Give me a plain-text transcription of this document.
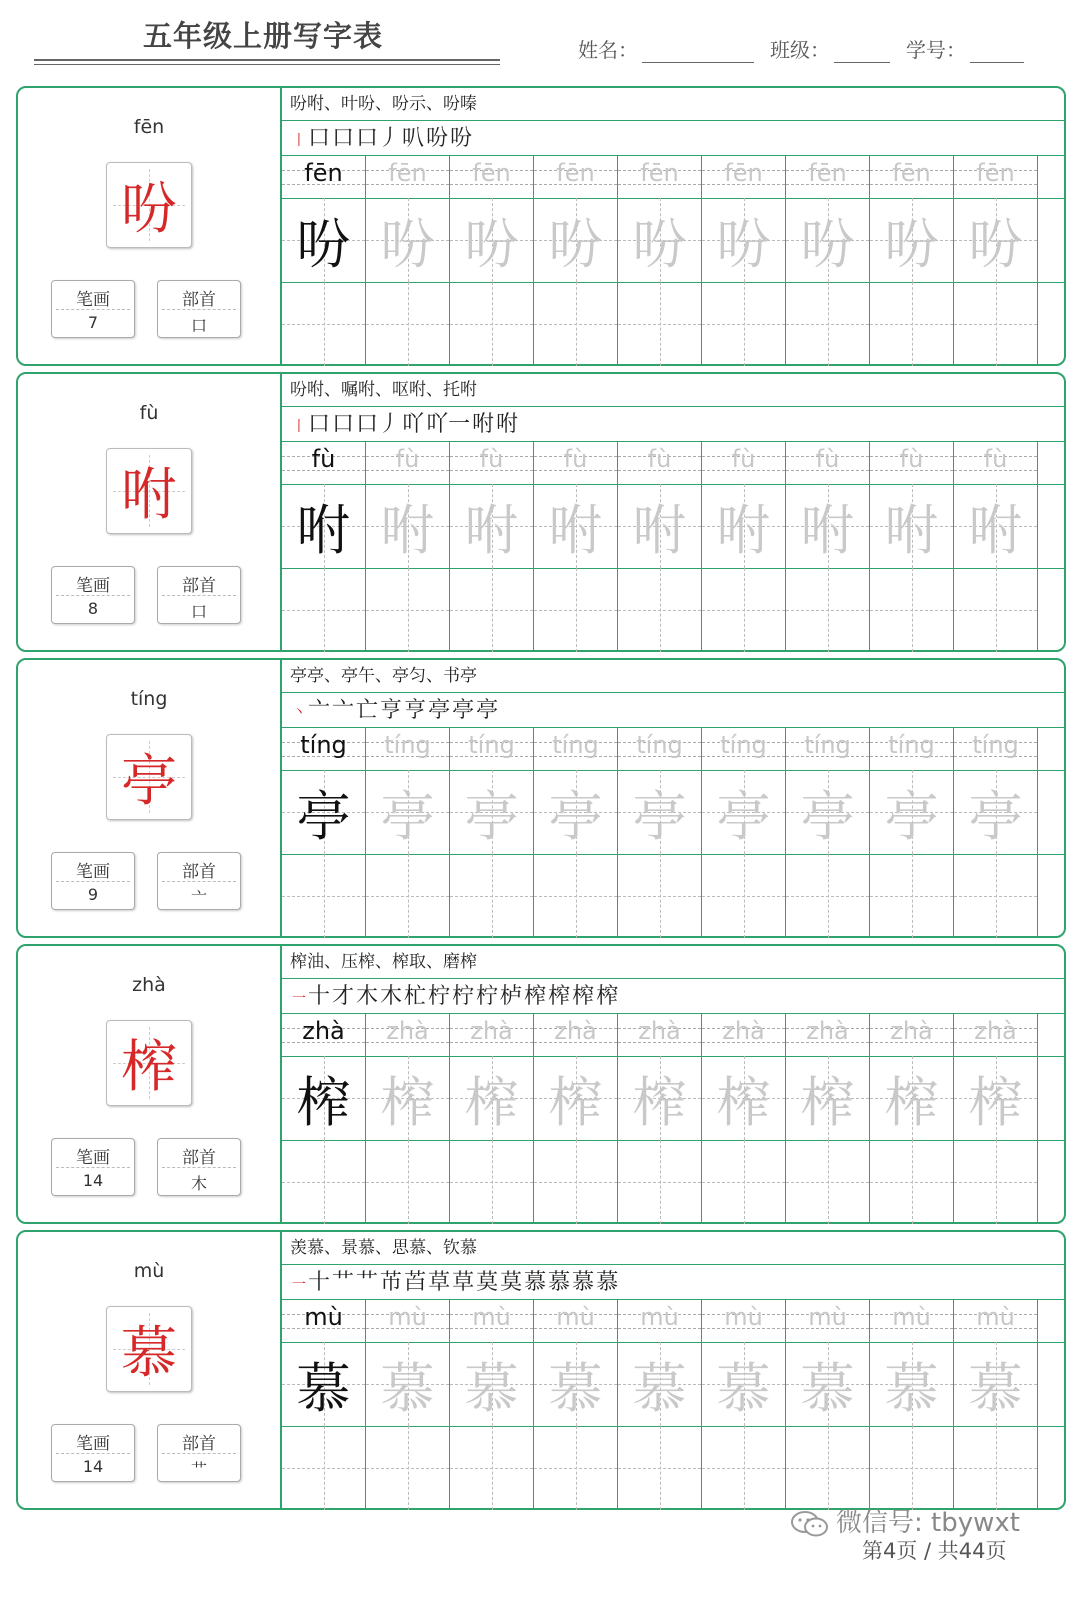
五年级上册写字表	姓名：	班级：	学号：
fēn
吩
笔画
7
部首
口
吩咐、叶吩、吩示、吩嗪
丨口口口丿叭吩吩
fēn	fēn	fēn	fēn	fēn	fēn	fēn	fēn	fēn
吩 吩 吩 吩 吩 吩 吩 吩 吩
fù
咐
笔画
8
部首
口
吩咐、嘱咐、呕咐、托咐
丨口口口丿吖吖一咐咐
fù	fù	fù	fù	fù	fù	fù	fù	fù
咐 咐 咐 咐 咐 咐 咐 咐 咐
tíng
亭
笔画
9
部首
亠
亭亭、亭午、亭匀、书亭
丶亠亠亡亨亨亭亭亭
tíng	tíng	tíng	tíng	tíng	tíng	tíng	tíng	tíng
亭 亭 亭 亭 亭 亭 亭 亭 亭
zhà
榨
笔画
14
部首
木
榨油、压榨、榨取、磨榨
一十才木木杧柠柠柠栌榨榨榨榨
zhà	zhà	zhà	zhà	zhà	zhà	zhà	zhà	zhà
榨 榨 榨 榨 榨 榨 榨 榨 榨
mù
慕
笔画
14
部首
艹
羡慕、景慕、思慕、钦慕
一十艹艹芇苩草草莫莫慕慕慕慕
mù	mù	mù	mù	mù	mù	mù	mù	mù
慕 慕 慕 慕 慕 慕 慕 慕 慕
微信号: tbywxt
第4页 / 共44页
